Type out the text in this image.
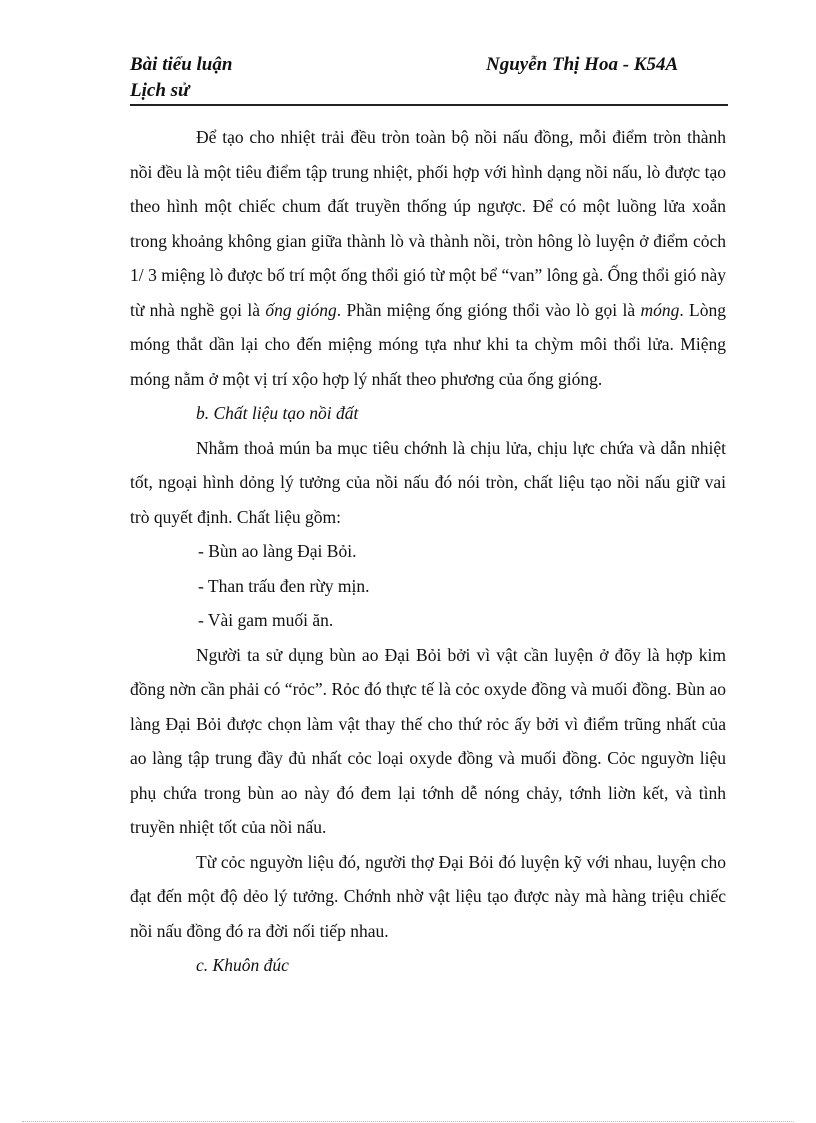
Bài tiểu luận
Lịch sử
Nguyễn Thị Hoa - K54A

Để tạo cho nhiệt trải đều tròn toàn bộ nồi nấu đồng, mỗi điểm tròn thành nồi đều là một tiêu điểm tập trung nhiệt, phối hợp với hình dạng nồi nấu, lò được tạo theo hình một chiếc chum đất truyền thống úp ngược. Để có một luồng lửa xoắn trong khoảng không gian giữa thành lò và thành nồi, tròn hông lò luyện ở điểm cỏch 1/ 3 miệng lò được bố trí một ống thổi gió từ một bể “van” lông gà. Ống thổi gió này từ nhà nghề gọi là ống gióng. Phần miệng ống gióng thổi vào lò gọi là móng. Lòng móng thắt dần lại cho đến miệng móng tựa như khi ta chỳm môi thổi lửa. Miệng móng nằm ở một vị trí xộo hợp lý nhất theo phương của ống gióng.

b. Chất liệu tạo nồi đất

Nhằm thoả mún ba mục tiêu chớnh là chịu lửa, chịu lực chứa và dẫn nhiệt tốt, ngoại hình dỏng lý tưởng của nồi nấu đó nói tròn, chất liệu tạo nồi nấu giữ vai trò quyết định. Chất liệu gồm:

- Bùn ao làng Đại Bỏi.

- Than trấu đen rừy mịn.

- Vài gam muối ăn.

Người ta sử dụng bùn ao Đại Bỏi bởi vì vật cần luyện ở đõy là hợp kim đồng nờn cần phải có “rỏc”. Rỏc đó thực tế là cỏc oxyde đồng và muối đồng. Bùn ao làng Đại Bỏi được chọn làm vật thay thế cho thứ rỏc ấy bởi vì điểm trũng nhất của ao làng tập trung đầy đủ nhất cỏc loại oxyde đồng và muối đồng. Cỏc nguyờn liệu phụ chứa trong bùn ao này đó đem lại tớnh dễ nóng chảy, tớnh liờn kết, và tình truyền nhiệt tốt của nồi nấu.

Từ cỏc nguyờn liệu đó, người thợ Đại Bỏi đó luyện kỹ với nhau, luyện cho đạt đến một độ dẻo lý tưởng. Chớnh nhờ vật liệu tạo được này mà hàng triệu chiếc nồi nấu đồng đó ra đời nối tiếp nhau.

c. Khuôn đúc
